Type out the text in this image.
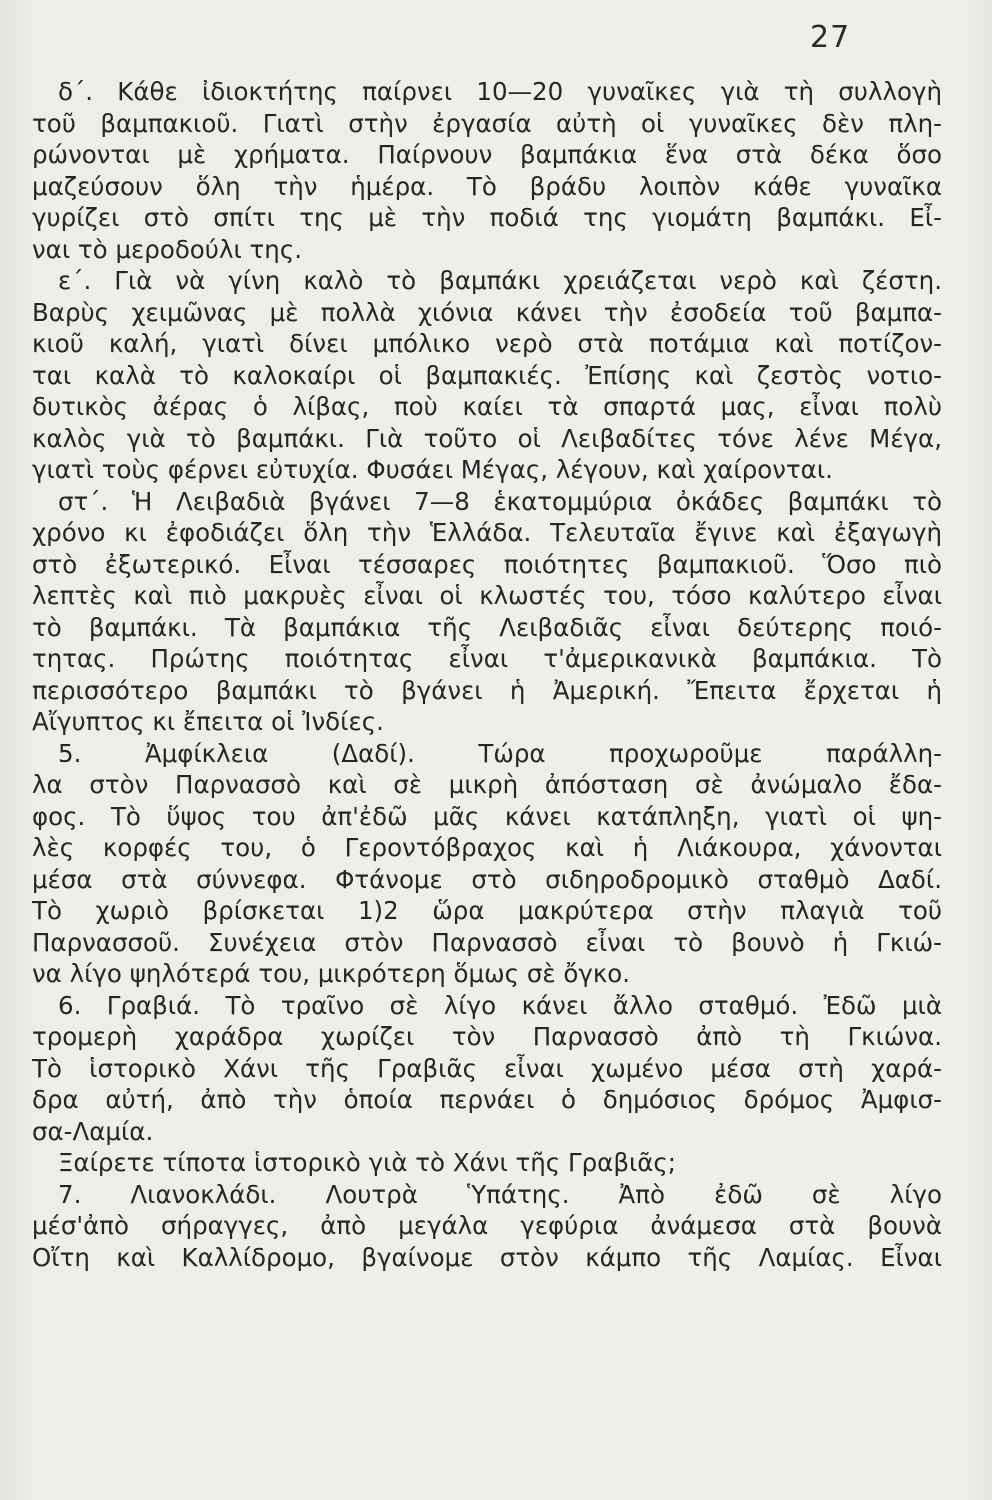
27
δ΄. Κάθε ἰδιοκτήτης παίρνει 10—20 γυναῖκες γιὰ τὴ συλλογὴ
τοῦ βαμπακιοῦ. Γιατὶ στὴν ἐργασία αὐτὴ οἱ γυναῖκες δὲν πλη-
ρώνονται μὲ χρήματα. Παίρνουν βαμπάκια ἕνα στὰ δέκα ὅσο
μαζεύσουν ὅλη τὴν ἡμέρα. Τὸ βράδυ λοιπὸν κάθε γυναῖκα
γυρίζει στὸ σπίτι της μὲ τὴν ποδιά της γιομάτη βαμπάκι. Εἶ-
ναι τὸ μεροδούλι της.
ε΄. Γιὰ νὰ γίνη καλὸ τὸ βαμπάκι χρειάζεται νερὸ καὶ ζέστη.
Βαρὺς χειμῶνας μὲ πολλὰ χιόνια κάνει τὴν ἐσοδεία τοῦ βαμπα-
κιοῦ καλή, γιατὶ δίνει μπόλικο νερὸ στὰ ποτάμια καὶ ποτίζον-
ται καλὰ τὸ καλοκαίρι οἱ βαμπακιές. Ἐπίσης καὶ ζεστὸς νοτιο-
δυτικὸς ἀέρας ὁ λίβας, ποὺ καίει τὰ σπαρτά μας, εἶναι πολὺ
καλὸς γιὰ τὸ βαμπάκι. Γιὰ τοῦτο οἱ Λειβαδίτες τόνε λένε Μέγα,
γιατὶ τοὺς φέρνει εὐτυχία. Φυσάει Μέγας, λέγουν, καὶ χαίρονται.
στ΄. Ἡ Λειβαδιὰ βγάνει 7—8 ἑκατομμύρια ὀκάδες βαμπάκι τὸ
χρόνο κι ἐφοδιάζει ὅλη τὴν Ἑλλάδα. Τελευταῖα ἔγινε καὶ ἐξαγωγὴ
στὸ ἐξωτερικό. Εἶναι τέσσαρες ποιότητες βαμπακιοῦ. Ὅσο πιὸ
λεπτὲς καὶ πιὸ μακρυὲς εἶναι οἱ κλωστές του, τόσο καλύτερο εἶναι
τὸ βαμπάκι. Τὰ βαμπάκια τῆς Λειβαδιᾶς εἶναι δεύτερης ποιό-
τητας. Πρώτης ποιότητας εἶναι τ'ἀμερικανικὰ βαμπάκια. Τὸ
περισσότερο βαμπάκι τὸ βγάνει ἡ Ἀμερική. Ἔπειτα ἔρχεται ἡ
Αἴγυπτος κι ἔπειτα οἱ Ἰνδίες.
5. Ἀμφίκλεια (Δαδί). Τώρα προχωροῦμε παράλλη-
λα στὸν Παρνασσὸ καὶ σὲ μικρὴ ἀπόσταση σὲ ἀνώμαλο ἔδα-
φος. Τὸ ὕψος του ἀπ'ἐδῶ μᾶς κάνει κατάπληξη, γιατὶ οἱ ψη-
λὲς κορφές του, ὁ Γεροντόβραχος καὶ ἡ Λιάκουρα, χάνονται
μέσα στὰ σύννεφα. Φτάνομε στὸ σιδηροδρομικὸ σταθμὸ Δαδί.
Τὸ χωριὸ βρίσκεται 1)2 ὥρα μακρύτερα στὴν πλαγιὰ τοῦ
Παρνασσοῦ. Συνέχεια στὸν Παρνασσὸ εἶναι τὸ βουνὸ ἡ Γκιώ-
να λίγο ψηλότερά του, μικρότερη ὅμως σὲ ὄγκο.
6. Γραβιά. Τὸ τραῖνο σὲ λίγο κάνει ἄλλο σταθμό. Ἐδῶ μιὰ
τρομερὴ χαράδρα χωρίζει τὸν Παρνασσὸ ἀπὸ τὴ Γκιώνα.
Τὸ ἱστορικὸ Χάνι τῆς Γραβιᾶς εἶναι χωμένο μέσα στὴ χαρά-
δρα αὐτή, ἀπὸ τὴν ὁποία περνάει ὁ δημόσιος δρόμος Ἀμφισ-
σα-Λαμία.
Ξαίρετε τίποτα ἱστορικὸ γιὰ τὸ Χάνι τῆς Γραβιᾶς;
7. Λιανοκλάδι. Λουτρὰ Ὑπάτης. Ἀπὸ ἐδῶ σὲ λίγο
μέσ'ἀπὸ σήραγγες, ἀπὸ μεγάλα γεφύρια ἀνάμεσα στὰ βουνὰ
Οἴτη καὶ Καλλίδρομο, βγαίνομε στὸν κάμπο τῆς Λαμίας. Εἶναι
